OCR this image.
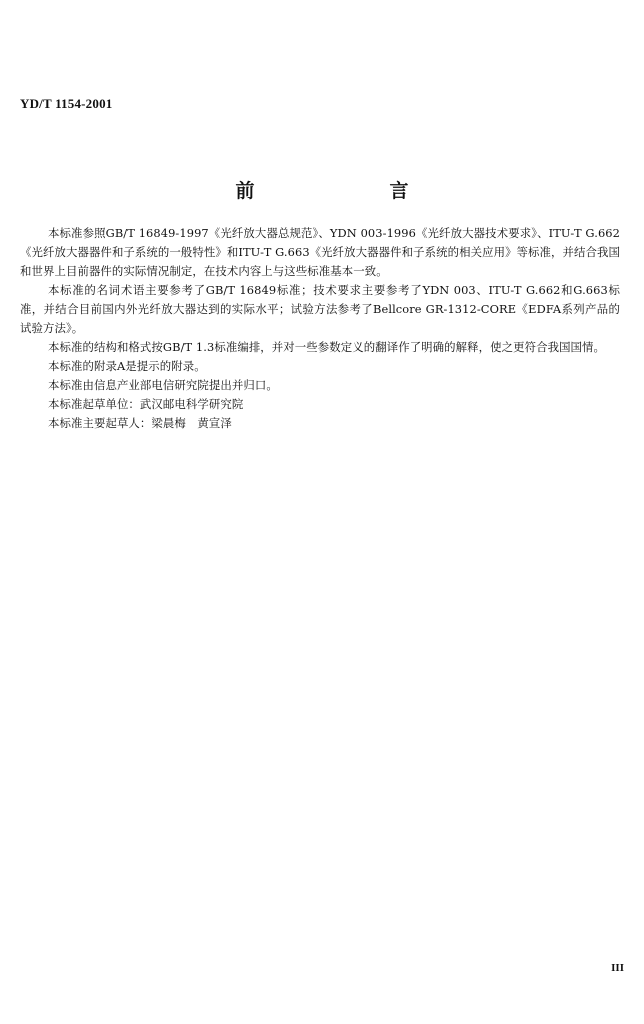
YD/T 1154-2001
前　言

本标准参照GB/T 16849-1997《光纤放大器总规范》、YDN 003-1996《光纤放大器技术要求》、ITU-T G.662《光纤放大器器件和子系统的一般特性》和ITU-T G.663《光纤放大器器件和子系统的相关应用》等标准，并结合我国和世界上目前器件的实际情况制定，在技术内容上与这些标准基本一致。

本标准的名词术语主要参考了GB/T 16849标准；技术要求主要参考了YDN 003、ITU-T G.662和G.663标准，并结合目前国内外光纤放大器达到的实际水平；试验方法参考了Bellcore GR-1312-CORE《EDFA系列产品的试验方法》。

本标准的结构和格式按GB/T 1.3标准编排，并对一些参数定义的翻译作了明确的解释，使之更符合我国国情。

本标准的附录A是提示的附录。

本标准由信息产业部电信研究院提出并归口。

本标准起草单位：武汉邮电科学研究院

本标准主要起草人：梁晨梅　黄宣泽

III
